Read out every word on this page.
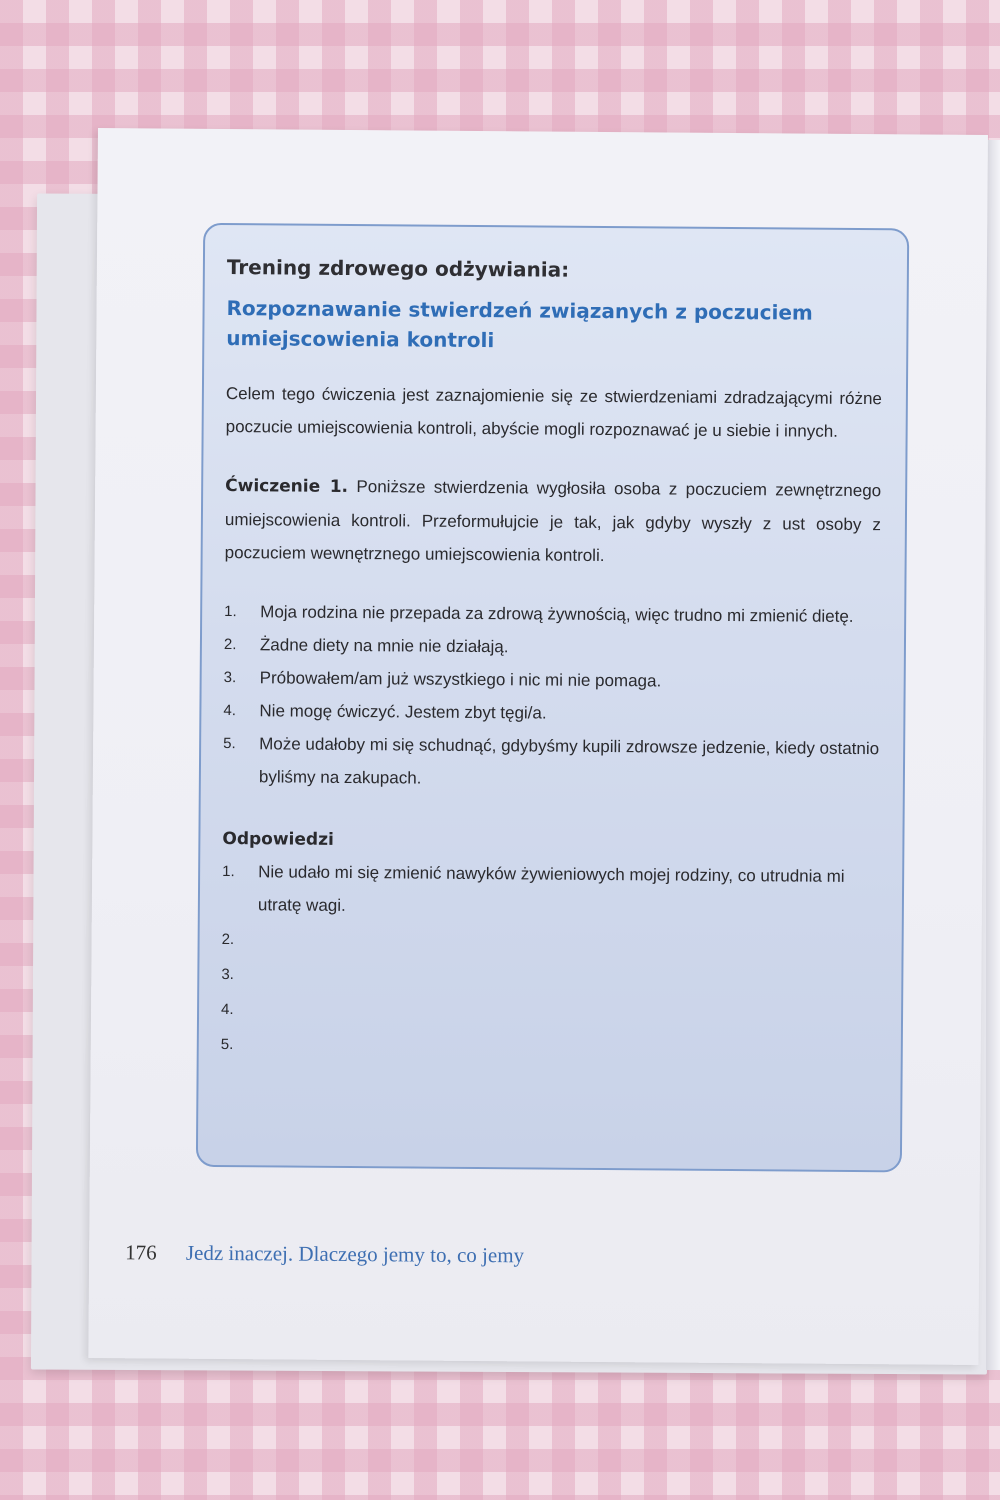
Trening zdrowego odżywiania:
Rozpoznawanie stwierdzeń związanych z poczuciem umiejscowienia kontroli

Celem tego ćwiczenia jest zaznajomienie się ze stwierdzeniami zdradzającymi różne poczucie umiejscowienia kontroli, abyście mogli rozpoznawać je u siebie i innych.

Ćwiczenie 1. Poniższe stwierdzenia wygłosiła osoba z poczuciem zewnętrznego umiejscowienia kontroli. Przeformułujcie je tak, jak gdyby wyszły z ust osoby z poczuciem wewnętrznego umiejscowienia kontroli.

1. Moja rodzina nie przepada za zdrową żywnością, więc trudno mi zmienić dietę.
2. Żadne diety na mnie nie działają.
3. Próbowałem/am już wszystkiego i nic mi nie pomaga.
4. Nie mogę ćwiczyć. Jestem zbyt tęgi/a.
5. Może udałoby mi się schudnąć, gdybyśmy kupili zdrowsze jedzenie, kiedy ostatnio byliśmy na zakupach.
Odpowiedzi
1. Nie udało mi się zmienić nawyków żywieniowych mojej rodziny, co utrudnia mi utratę wagi.
2.
3.
4.
5.
176 Jedz inaczej. Dlaczego jemy to, co jemy
